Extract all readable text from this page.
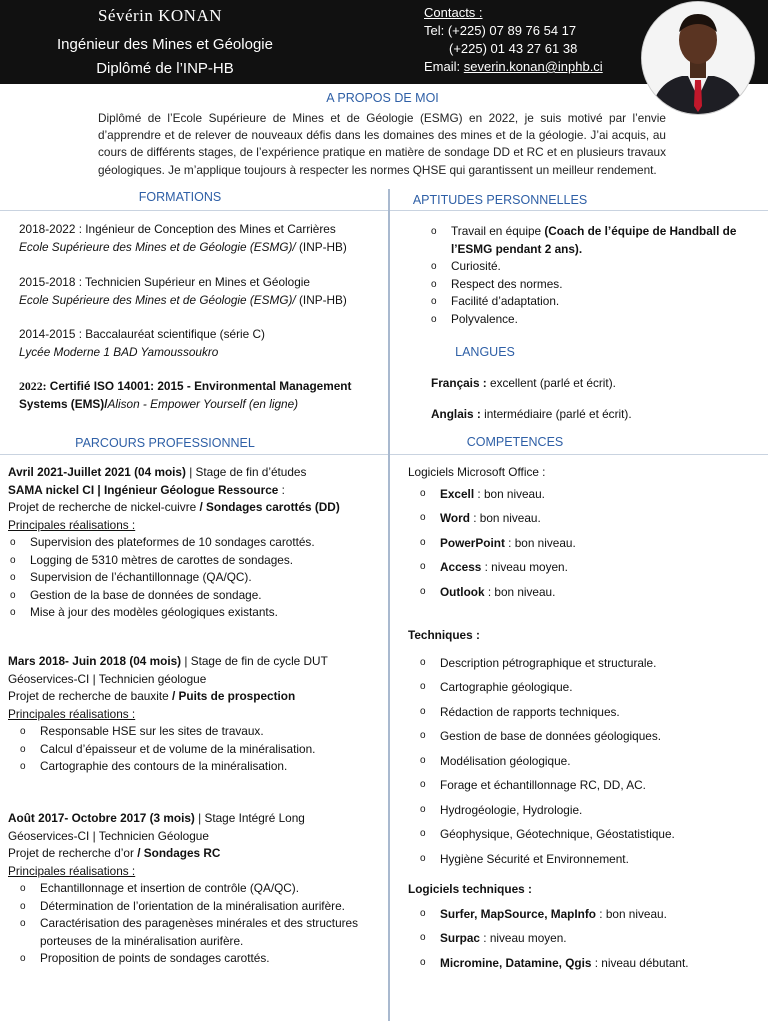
Sévérin KONAN
Ingénieur des Mines et Géologie
Diplômé de l’INP-HB
Contacts :
Tel: (+225) 07 89 76 54 17
(+225) 01 43 27 61 38
Email: severin.konan@inphb.ci
A PROPOS DE MOI
Diplômé de l’Ecole Supérieure de Mines et de Géologie (ESMG) en 2022, je suis motivé par l’envie d’apprendre et de relever de nouveaux défis dans les domaines des mines et de la géologie. J’ai acquis, au cours de différents stages, de l’expérience pratique en matière de sondage DD et RC et en plusieurs travaux géologiques. Je m’applique toujours à respecter les normes QHSE qui garantissent un meilleur rendement.
FORMATIONS
2018-2022 : Ingénieur de Conception des Mines et Carrières
Ecole Supérieure des Mines et de Géologie (ESMG)/ (INP-HB)
2015-2018 : Technicien Supérieur en Mines et Géologie
Ecole Supérieure des Mines et de Géologie (ESMG)/ (INP-HB)
2014-2015 : Baccalauréat scientifique (série C)
Lycée Moderne 1 BAD Yamoussoukro
2022: Certifié ISO 14001: 2015 - Environmental Management Systems (EMS)/Alison - Empower Yourself (en ligne)
APTITUDES PERSONNELLES
o Travail en équipe (Coach de l’équipe de Handball de l’ESMG pendant 2 ans).
o Curiosité.
o Respect des normes.
o Facilité d’adaptation.
o Polyvalence.
LANGUES
Français : excellent (parlé et écrit).
Anglais : intermédiaire (parlé et écrit).
PARCOURS PROFESSIONNEL
Avril 2021-Juillet 2021 (04 mois) | Stage de fin d’études
SAMA nickel CI | Ingénieur Géologue Ressource :
Projet de recherche de nickel-cuivre / Sondages carottés (DD)
Principales réalisations :
o Supervision des plateformes de 10 sondages carottés.
o Logging de 5310 mètres de carottes de sondages.
o Supervision de l’échantillonnage (QA/QC).
o Gestion de la base de données de sondage.
o Mise à jour des modèles géologiques existants.
Mars 2018- Juin 2018 (04 mois) | Stage de fin de cycle DUT
Géoservices-CI | Technicien géologue
Projet de recherche de bauxite / Puits de prospection
Principales réalisations :
o Responsable HSE sur les sites de travaux.
o Calcul d’épaisseur et de volume de la minéralisation.
o Cartographie des contours de la minéralisation.
Août 2017- Octobre 2017 (3 mois) | Stage Intégré Long
Géoservices-CI | Technicien Géologue
Projet de recherche d’or / Sondages RC
Principales réalisations :
o Echantillonnage et insertion de contrôle (QA/QC).
o Détermination de l’orientation de la minéralisation aurifère.
o Caractérisation des paragenèses minérales et des structures porteuses de la minéralisation aurifère.
o Proposition de points de sondages carottés.
COMPETENCES
Logiciels Microsoft Office :
o Excell : bon niveau.
o Word : bon niveau.
o PowerPoint : bon niveau.
o Access : niveau moyen.
o Outlook : bon niveau.
Techniques :
o Description pétrographique et structurale.
o Cartographie géologique.
o Rédaction de rapports techniques.
o Gestion de base de données géologiques.
o Modélisation géologique.
o Forage et échantillonnage RC, DD, AC.
o Hydrogéologie, Hydrologie.
o Géophysique, Géotechnique, Géostatistique.
o Hygiène Sécurité et Environnement.
Logiciels techniques :
o Surfer, MapSource, MapInfo : bon niveau.
o Surpac : niveau moyen.
o Micromine, Datamine, Qgis : niveau débutant.
